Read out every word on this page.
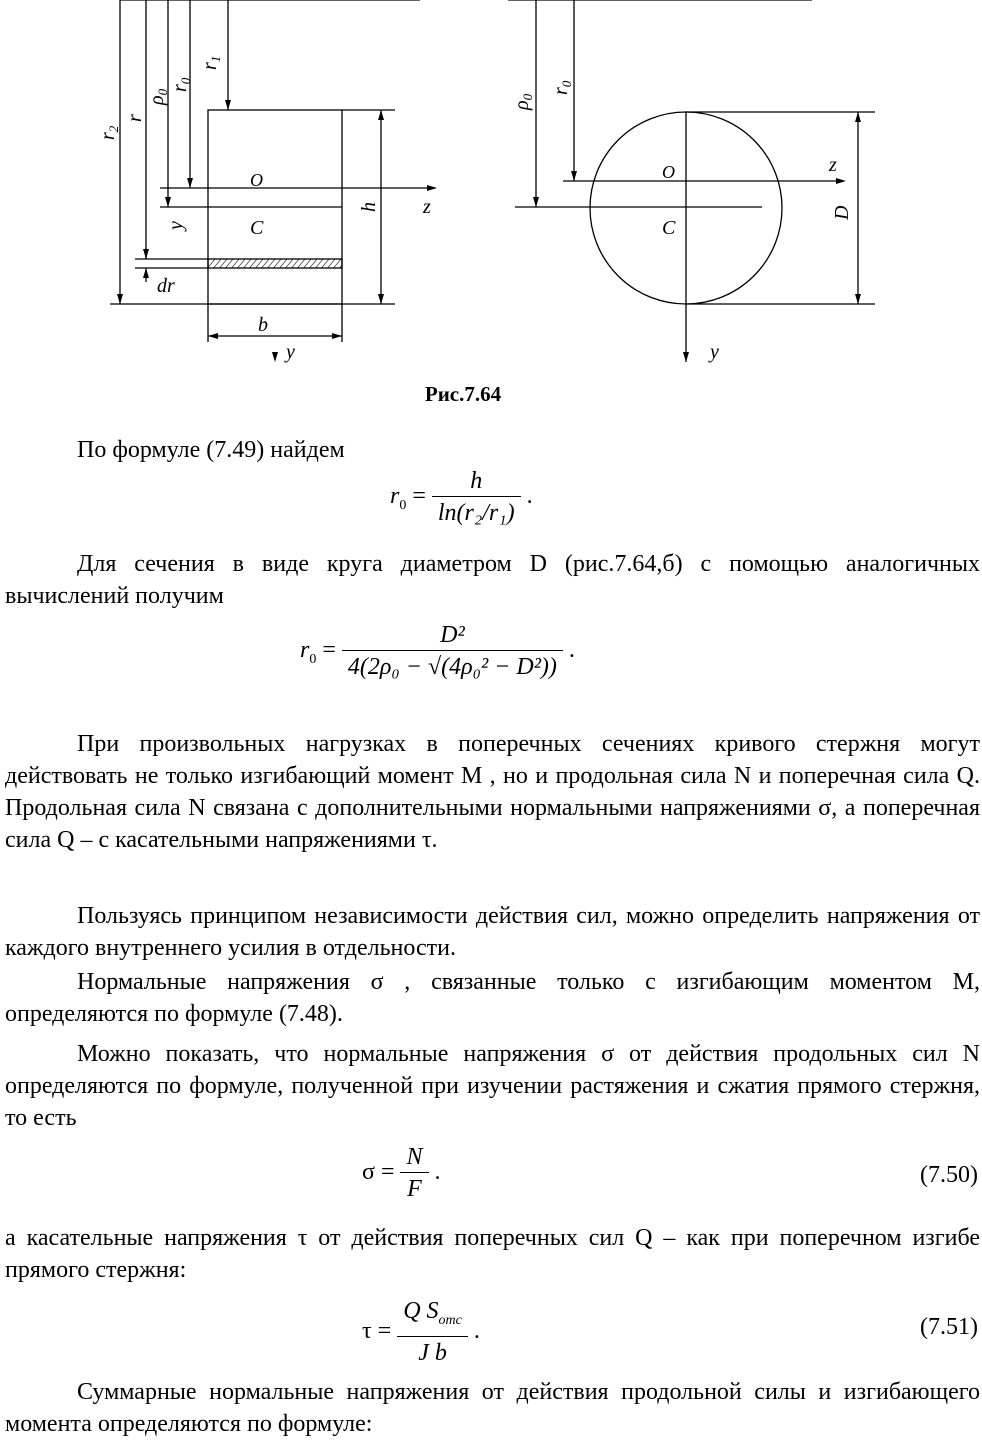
$r_2$
r
$\rho_0$
$r_0$
$r_1$
O
C
y
h z
dr
b
y
$\rho_0$
$r_0$
O
C
z
D
y
Рис.7.64
По формуле (7.49) найдем
$r_0 = \frac{h}{\text{ln(r₂/r₁)}}$ .
Для сечения в виде круга диаметром D (рис.7.64,б) с помощью аналогичных вычислений получим
$r_0 = \frac{\text{D²}}{\text{4(2ρ₀ − √(4ρ₀² − D²))}}$ .
При произвольных нагрузках в поперечных сечениях кривого стержня могут действовать не только изгибающий момент M , но и продольная сила N и поперечная сила Q. Продольная сила N связана с дополнительными нормальными напряжениями σ, а поперечная сила Q – с касательными напряжениями τ.
Пользуясь принципом независимости действия сил, можно определить напряжения от каждого внутреннего усилия в отдельности.
Нормальные напряжения σ , связанные только с изгибающим моментом M, определяются по формуле (7.48).
Можно показать, что нормальные напряжения σ от действия продольных сил N определяются по формуле, полученной при изучении растяжения и сжатия прямого стержня, то есть
$\sigma = \frac{N}{F}$ .	(7.50)
а касательные напряжения τ от действия поперечных сил Q – как при поперечном изгибе прямого стержня:
$\tau = \frac{Q S_{отс}}{\text{J b}}$ .	(7.51)
Суммарные нормальные напряжения от действия продольной силы и изгибающего момента определяются по формуле:
